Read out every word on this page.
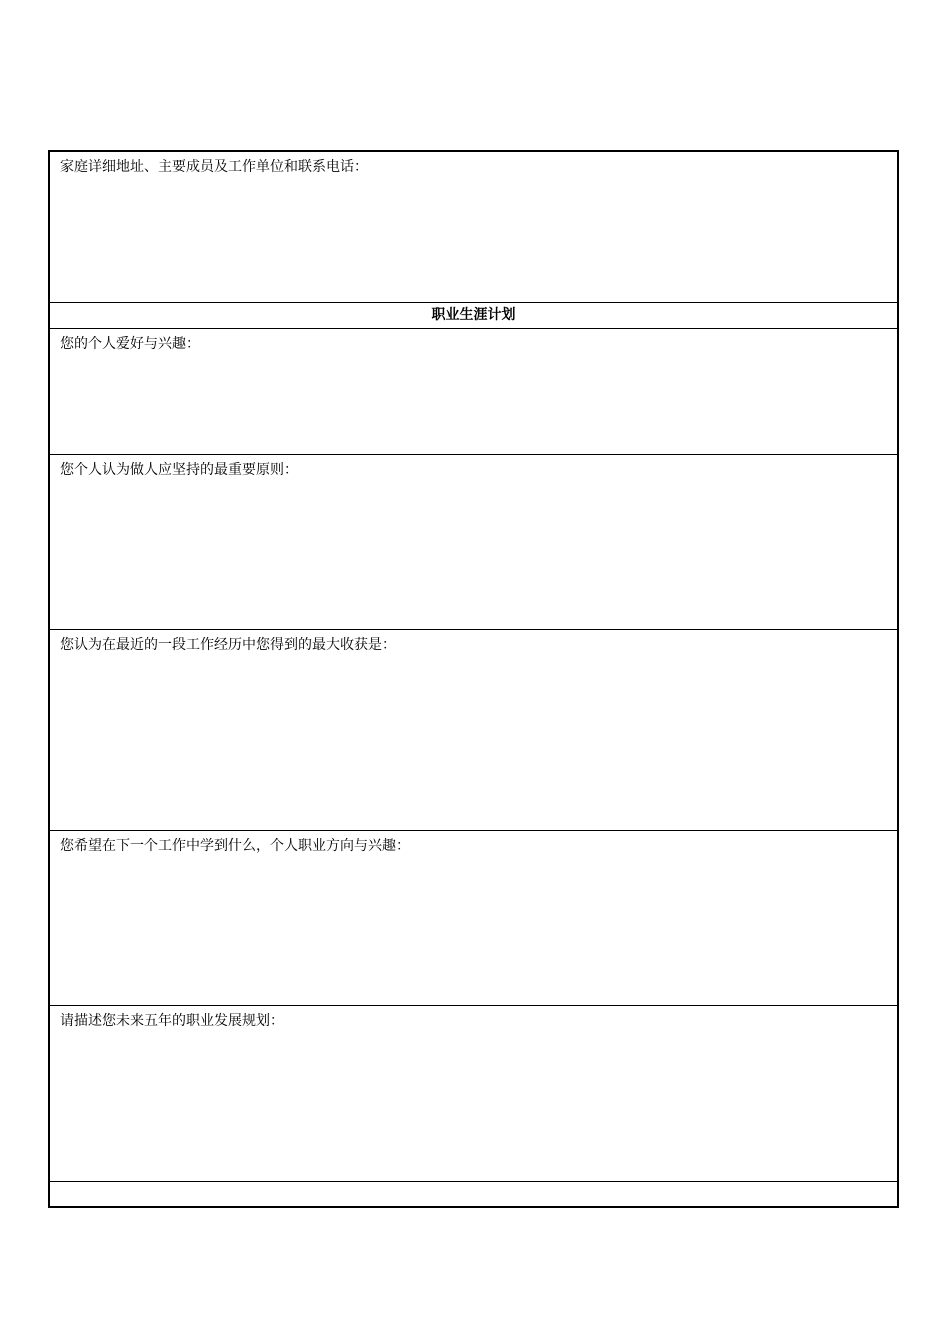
家庭详细地址、主要成员及工作单位和联系电话：

职业生涯计划

您的个人爱好与兴趣：

您个人认为做人应坚持的最重要原则：

您认为在最近的一段工作经历中您得到的最大收获是：

您希望在下一个工作中学到什么，个人职业方向与兴趣：

请描述您未来五年的职业发展规划：
